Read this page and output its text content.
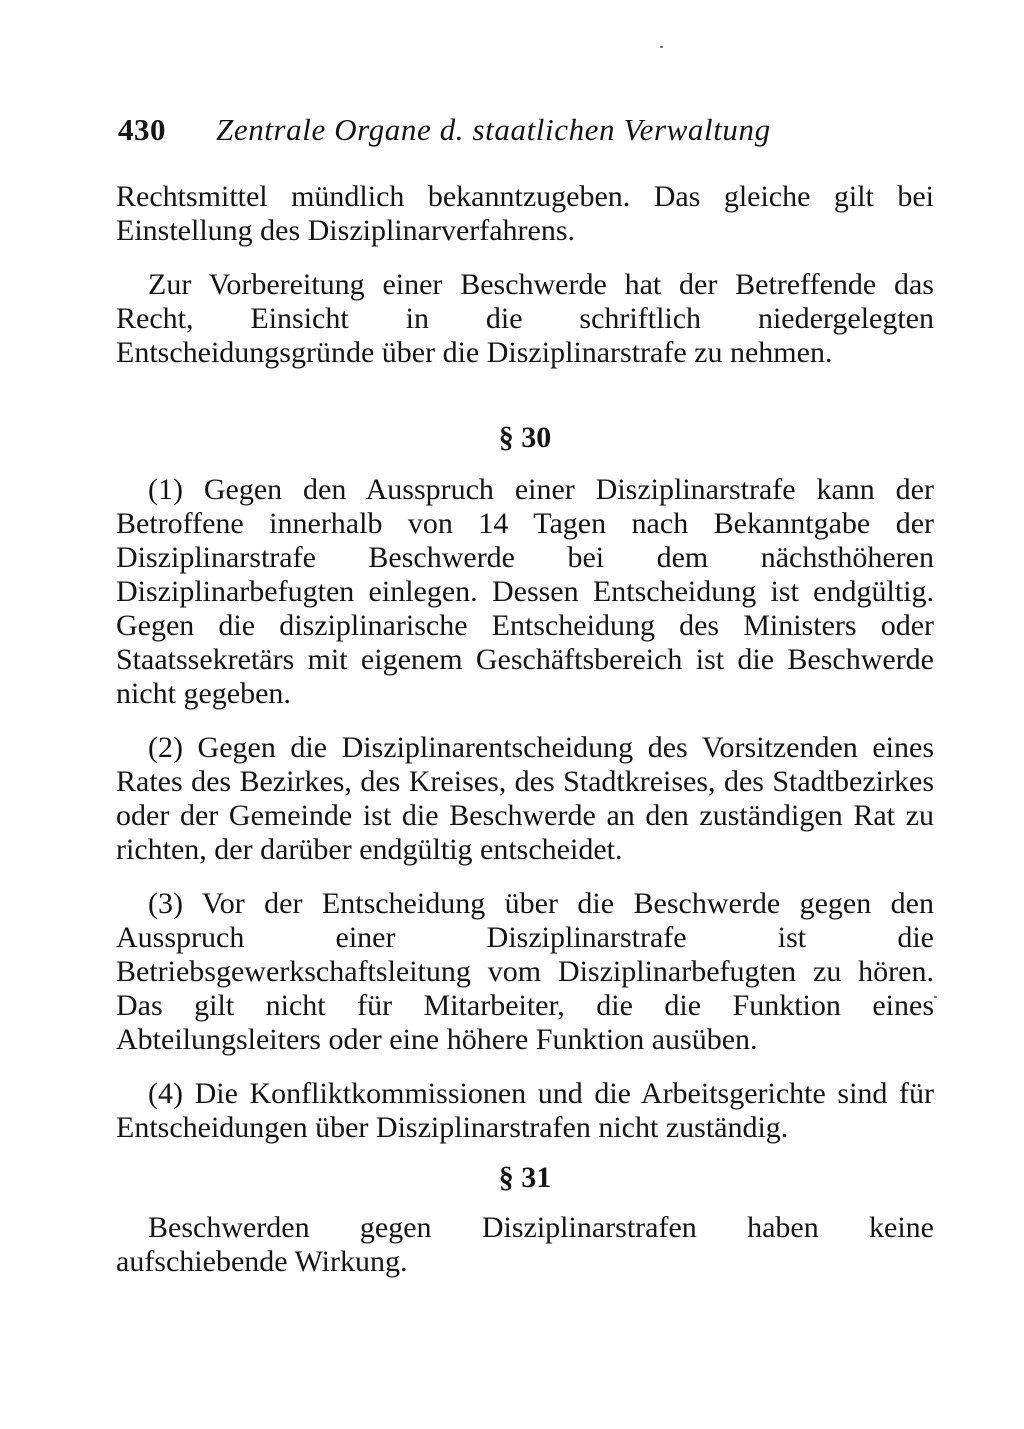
430 Zentrale Organe d. staatlichen Verwaltung

Rechtsmittel mündlich bekanntzugeben. Das gleiche gilt bei Einstellung des Disziplinarverfahrens.

Zur Vorbereitung einer Beschwerde hat der Betreffende das Recht, Einsicht in die schriftlich niedergelegten Entscheidungsgründe über die Disziplinarstrafe zu nehmen.

§ 30

(1) Gegen den Ausspruch einer Disziplinarstrafe kann der Betroffene innerhalb von 14 Tagen nach Bekanntgabe der Disziplinarstrafe Beschwerde bei dem nächsthöheren Disziplinarbefugten einlegen. Dessen Entscheidung ist endgültig. Gegen die disziplinarische Entscheidung des Ministers oder Staatssekretärs mit eigenem Geschäftsbereich ist die Beschwerde nicht gegeben.

(2) Gegen die Disziplinarentscheidung des Vorsitzenden eines Rates des Bezirkes, des Kreises, des Stadtkreises, des Stadtbezirkes oder der Gemeinde ist die Beschwerde an den zuständigen Rat zu richten, der darüber endgültig entscheidet.

(3) Vor der Entscheidung über die Beschwerde gegen den Ausspruch einer Disziplinarstrafe ist die Betriebsgewerkschaftsleitung vom Disziplinarbefugten zu hören. Das gilt nicht für Mitarbeiter, die die Funktion eines Abteilungsleiters oder eine höhere Funktion ausüben.

(4) Die Konfliktkommissionen und die Arbeitsgerichte sind für Entscheidungen über Disziplinarstrafen nicht zuständig.

§ 31

Beschwerden gegen Disziplinarstrafen haben keine aufschiebende Wirkung.
